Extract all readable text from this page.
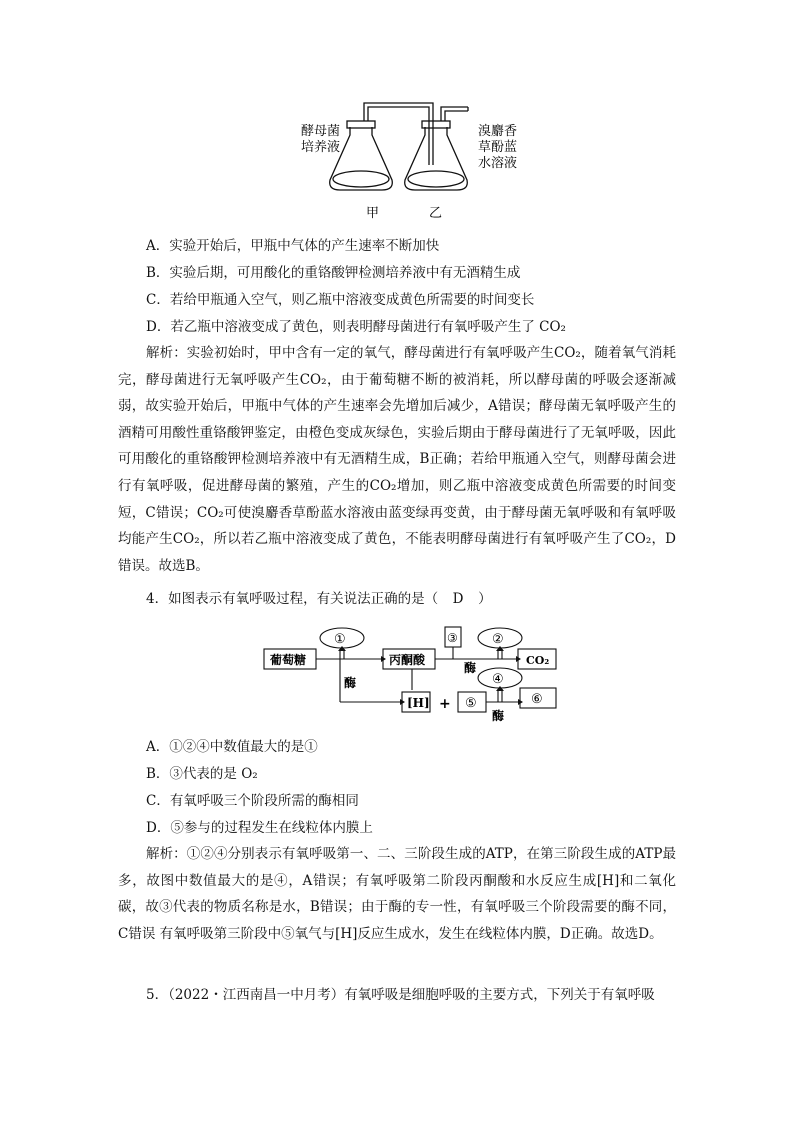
酵母菌
培养液
溴麝香
草酚蓝
水溶液
甲	乙
A．实验开始后，甲瓶中气体的产生速率不断加快
B．实验后期，可用酸化的重铬酸钾检测培养液中有无酒精生成
C．若给甲瓶通入空气，则乙瓶中溶液变成黄色所需要的时间变长
D．若乙瓶中溶液变成了黄色，则表明酵母菌进行有氧呼吸产生了 CO₂
解析：实验初始时，甲中含有一定的氧气，酵母菌进行有氧呼吸产生CO₂，随着氧气消耗完，酵母菌进行无氧呼吸产生CO₂，由于葡萄糖不断的被消耗，所以酵母菌的呼吸会逐渐减弱，故实验开始后，甲瓶中气体的产生速率会先增加后减少，A错误；酵母菌无氧呼吸产生的酒精可用酸性重铬酸钾鉴定，由橙色变成灰绿色，实验后期由于酵母菌进行了无氧呼吸，因此可用酸化的重铬酸钾检测培养液中有无酒精生成，B正确；若给甲瓶通入空气，则酵母菌会进行有氧呼吸，促进酵母菌的繁殖，产生的CO₂增加，则乙瓶中溶液变成黄色所需要的时间变短，C错误；CO₂可使溴麝香草酚蓝水溶液由蓝变绿再变黄，由于酵母菌无氧呼吸和有氧呼吸均能产生CO₂，所以若乙瓶中溶液变成了黄色，不能表明酵母菌进行有氧呼吸产生了CO₂，D错误。故选B。
4．如图表示有氧呼吸过程，有关说法正确的是（ D ）
葡萄糖	丙酮酸	CO₂
[H] +
酶
酶
酶
①	②
③
④
⑤	⑥
A．①②④中数值最大的是①
B．③代表的是 O₂
C．有氧呼吸三个阶段所需的酶相同
D．⑤参与的过程发生在线粒体内膜上
解析：①②④分别表示有氧呼吸第一、二、三阶段生成的ATP，在第三阶段生成的ATP最多，故图中数值最大的是④，A错误；有氧呼吸第二阶段丙酮酸和水反应生成[H]和二氧化碳，故③代表的物质名称是水，B错误；由于酶的专一性，有氧呼吸三个阶段需要的酶不同，C错误 有氧呼吸第三阶段中⑤氧气与[H]反应生成水，发生在线粒体内膜，D正确。故选D。
5．（2022・江西南昌一中月考）有氧呼吸是细胞呼吸的主要方式，下列关于有氧呼吸
